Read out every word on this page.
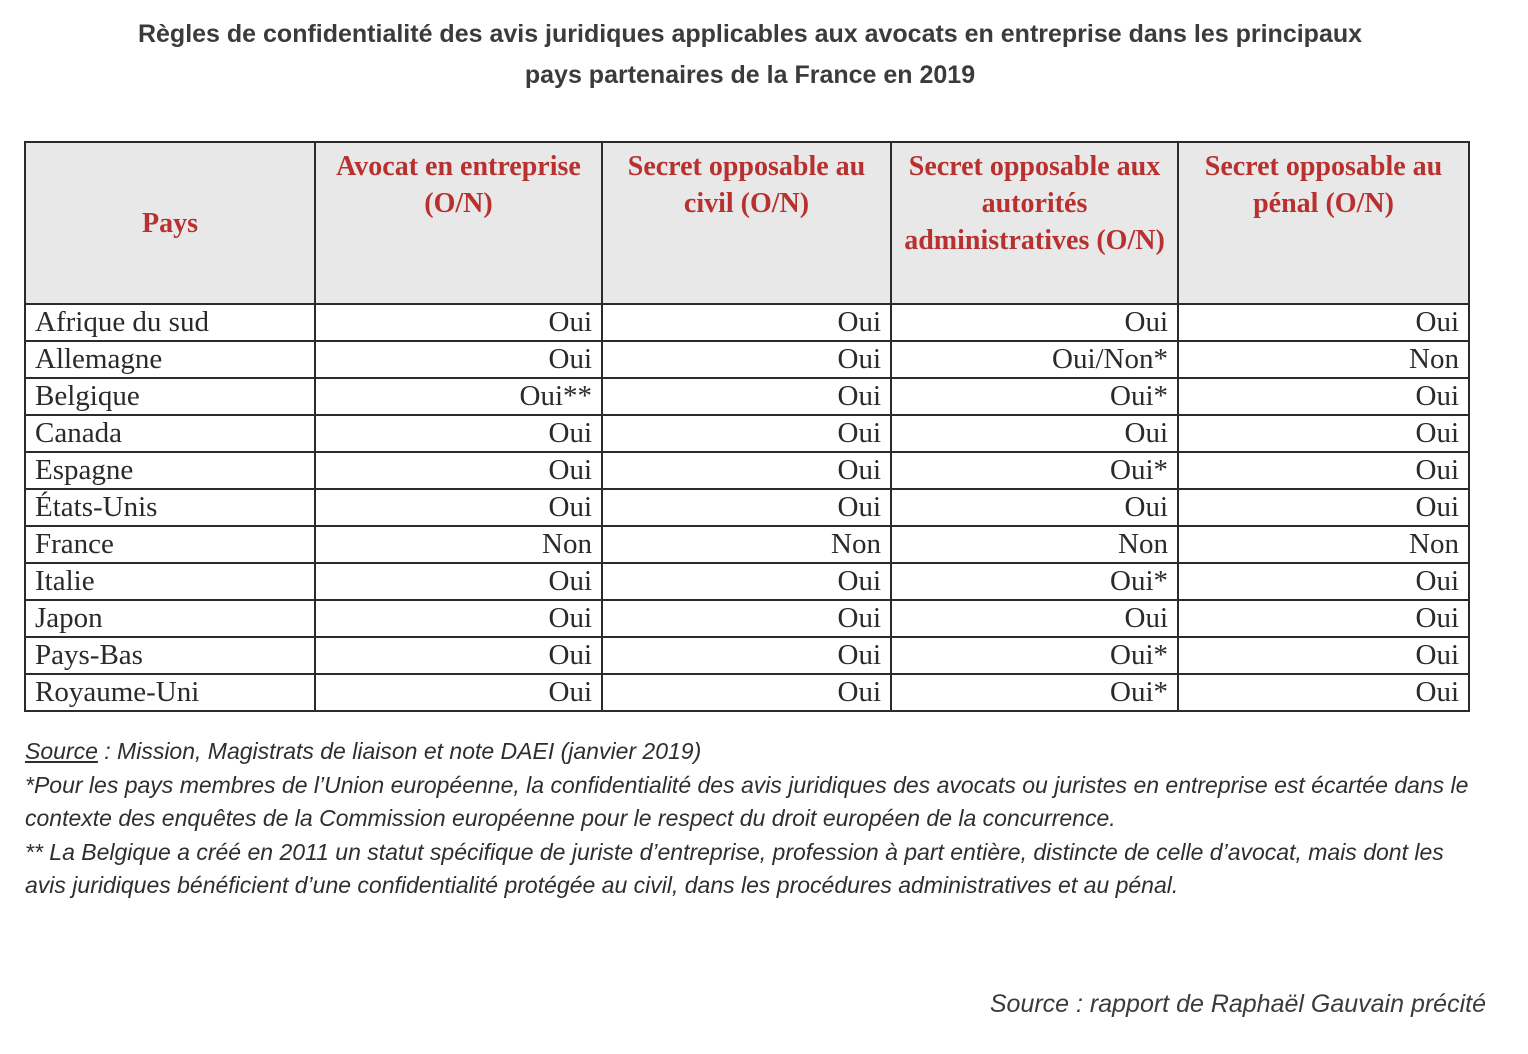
Règles de confidentialité des avis juridiques applicables aux avocats en entreprise dans les principaux
pays partenaires de la France en 2019
Pays	Avocat en entreprise (O/N)	Secret opposable au civil (O/N)	Secret opposable aux autorités administratives (O/N)	Secret opposable au pénal (O/N)
Afrique du sud	Oui	Oui	Oui	Oui
Allemagne	Oui	Oui	Oui/Non*	Non
Belgique	Oui**	Oui	Oui*	Oui
Canada	Oui	Oui	Oui	Oui
Espagne	Oui	Oui	Oui*	Oui
États-Unis	Oui	Oui	Oui	Oui
France	Non	Non	Non	Non
Italie	Oui	Oui	Oui*	Oui
Japon	Oui	Oui	Oui	Oui
Pays-Bas	Oui	Oui	Oui*	Oui
Royaume-Uni	Oui	Oui	Oui*	Oui

Source : Mission, Magistrats de liaison et note DAEI (janvier 2019)

*Pour les pays membres de l’Union européenne, la confidentialité des avis juridiques des avocats ou juristes en entreprise est écartée dans le contexte des enquêtes de la Commission européenne pour le respect du droit européen de la concurrence.

** La Belgique a créé en 2011 un statut spécifique de juriste d’entreprise, profession à part entière, distincte de celle d’avocat, mais dont les avis juridiques bénéficient d’une confidentialité protégée au civil, dans les procédures administratives et au pénal.

Source : rapport de Raphaël Gauvain précité
